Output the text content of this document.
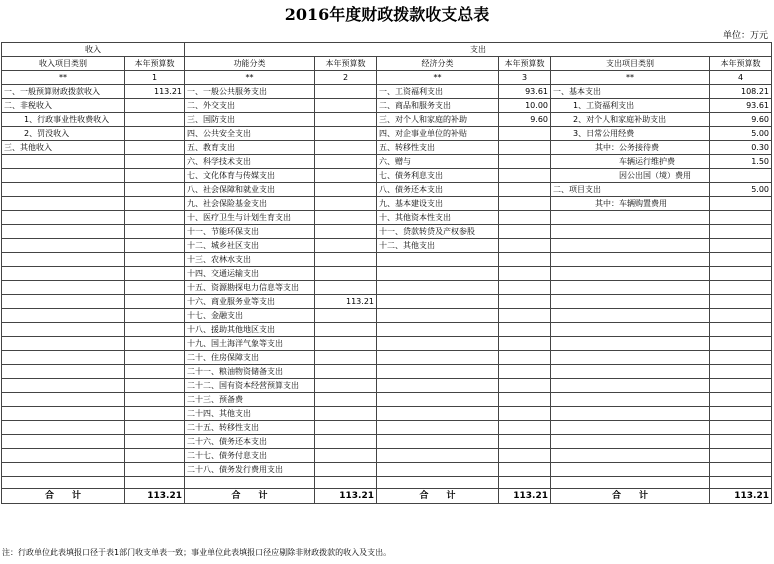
2016年度财政拨款收支总表
单位：万元
收入		支出					
收入项目类别	本年预算数	功能分类	本年预算数	经济分类	本年预算数	支出项目类别	本年预算数
**	1	**	2	**	3	**	4
一、一般预算财政拨款收入	113.21	一、一般公共服务支出		一、工资福利支出	93.61	一、基本支出	108.21
二、非税收入		二、外交支出		二、商品和服务支出	10.00	1、工资福利支出	93.61
1、行政事业性收费收入		三、国防支出		三、对个人和家庭的补助	9.60	2、对个人和家庭补助支出	9.60
2、罚没收入		四、公共安全支出		四、对企事业单位的补贴		3、日常公用经费	5.00
三、其他收入		五、教育支出		五、转移性支出		其中：公务接待费	0.30
		六、科学技术支出		六、赠与		车辆运行维护费	1.50
		七、文化体育与传媒支出		七、债务利息支出		因公出国（境）费用	
		八、社会保障和就业支出		八、债务还本支出		二、项目支出	5.00
		九、社会保险基金支出		九、基本建设支出		其中：车辆购置费用	
		十、医疗卫生与计划生育支出		十、其他资本性支出			
		十一、节能环保支出		十一、贷款转贷及产权参股			
		十二、城乡社区支出		十二、其他支出			
		十三、农林水支出					
		十四、交通运输支出					
		十五、资源勘探电力信息等支出					
		十六、商业服务业等支出	113.21				
		十七、金融支出					
		十八、援助其他地区支出					
		十九、国土海洋气象等支出					
		二十、住房保障支出					
		二十一、粮油物资储备支出					
		二十二、国有资本经营预算支出					
		二十三、预备费					
		二十四、其他支出					
		二十五、转移性支出					
		二十六、债务还本支出					
		二十七、债务付息支出					
		二十八、债务发行费用支出					

合　　计	113.21	合　　计	113.21	合　　计	113.21	合　　计	113.21
注：行政单位此表填报口径于表1部门收支单表一致；事业单位此表填报口径应剔除非财政拨款的收入及支出。
